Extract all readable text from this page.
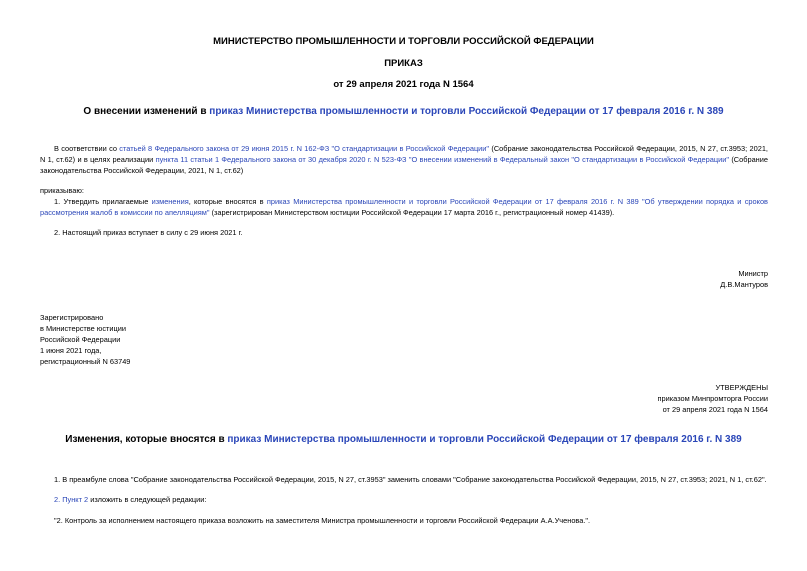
МИНИСТЕРСТВО ПРОМЫШЛЕННОСТИ И ТОРГОВЛИ РОССИЙСКОЙ ФЕДЕРАЦИИ
ПРИКАЗ
от 29 апреля 2021 года N 1564
О внесении изменений в приказ Министерства промышленности и торговли Российской Федерации от 17 февраля 2016 г. N 389
В соответствии со статьей 8 Федерального закона от 29 июня 2015 г. N 162-ФЗ "О стандартизации в Российской Федерации" (Собрание законодательства Российской Федерации, 2015, N 27, ст.3953; 2021, N 1, ст.62) и в целях реализации пункта 11 статьи 1 Федерального закона от 30 декабря 2020 г. N 523-ФЗ "О внесении изменений в Федеральный закон "О стандартизации в Российской Федерации" (Собрание законодательства Российской Федерации, 2021, N 1, ст.62)
приказываю:
1. Утвердить прилагаемые изменения, которые вносятся в приказ Министерства промышленности и торговли Российской Федерации от 17 февраля 2016 г. N 389 "Об утверждении порядка и сроков рассмотрения жалоб в комиссии по апелляциям" (зарегистрирован Министерством юстиции Российской Федерации 17 марта 2016 г., регистрационный номер 41439).
2. Настоящий приказ вступает в силу с 29 июня 2021 г.
Министр
Д.В.Мантуров
Зарегистрировано
в Министерстве юстиции
Российской Федерации
1 июня 2021 года,
регистрационный N 63749
УТВЕРЖДЕНЫ
приказом Минпромторга России
от 29 апреля 2021 года N 1564
Изменения, которые вносятся в приказ Министерства промышленности и торговли Российской Федерации от 17 февраля 2016 г. N 389
1. В преамбуле слова "Собрание законодательства Российской Федерации, 2015, N 27, ст.3953" заменить словами "Собрание законодательства Российской Федерации, 2015, N 27, ст.3953; 2021, N 1, ст.62".
2. Пункт 2 изложить в следующей редакции:
"2. Контроль за исполнением настоящего приказа возложить на заместителя Министра промышленности и торговли Российской Федерации А.А.Ученова.".
